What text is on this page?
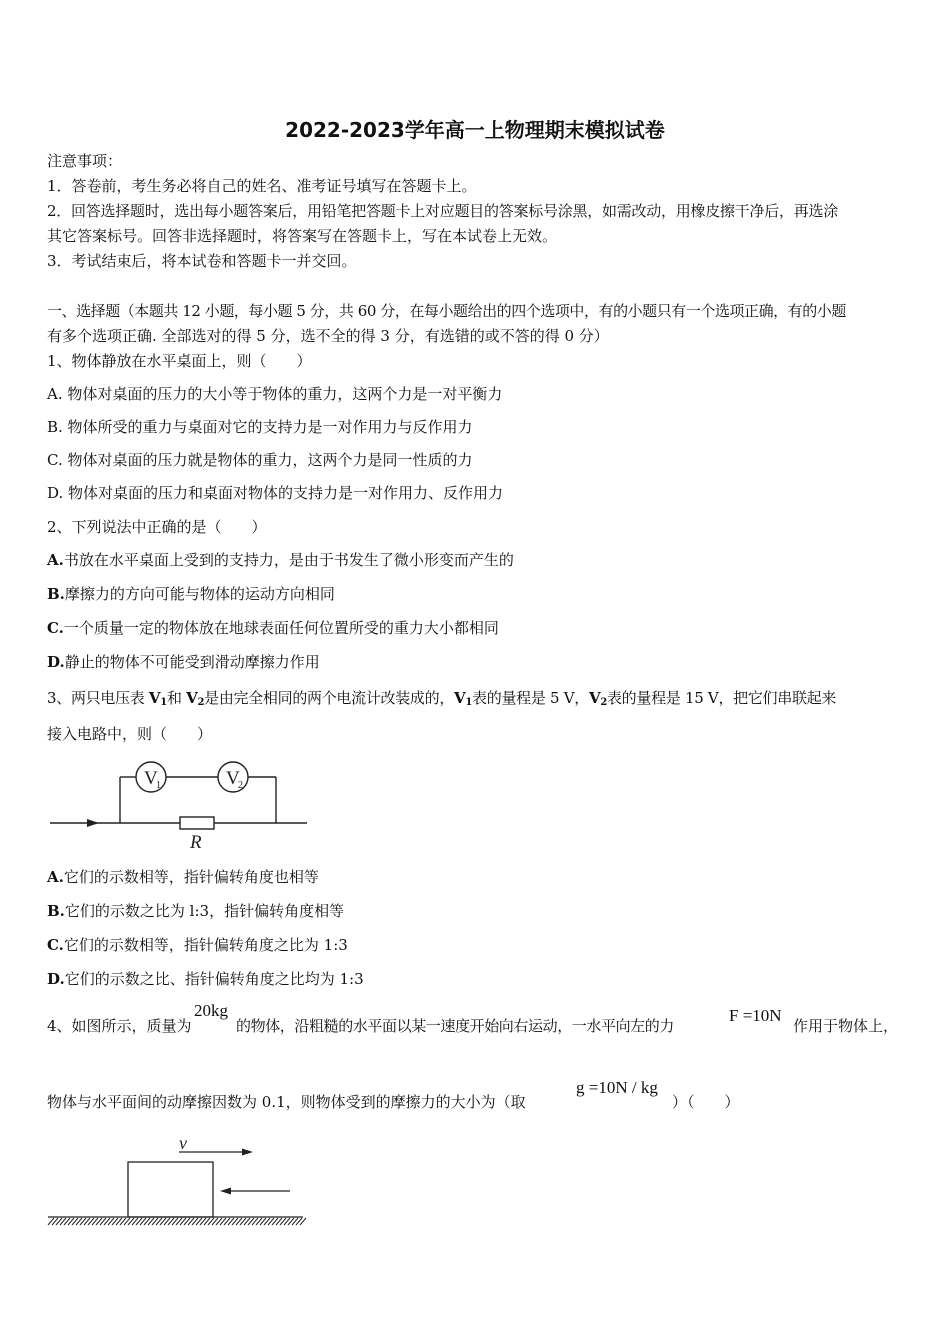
2022-2023学年高一上物理期末模拟试卷
注意事项：
1．答卷前，考生务必将自己的姓名、准考证号填写在答题卡上。
2．回答选择题时，选出每小题答案后，用铅笔把答题卡上对应题目的答案标号涂黑，如需改动，用橡皮擦干净后，再选涂
其它答案标号。回答非选择题时，将答案写在答题卡上，写在本试卷上无效。
3．考试结束后，将本试卷和答题卡一并交回。
一、选择题（本题共 12 小题，每小题 5 分，共 60 分，在每小题给出的四个选项中，有的小题只有一个选项正确，有的小题
有多个选项正确. 全部选对的得 5 分，选不全的得 3 分，有选错的或不答的得 0 分）
1、物体静放在水平桌面上，则（　　）
A. 物体对桌面的压力的大小等于物体的重力，这两个力是一对平衡力
B. 物体所受的重力与桌面对它的支持力是一对作用力与反作用力
C. 物体对桌面的压力就是物体的重力，这两个力是同一性质的力
D. 物体对桌面的压力和桌面对物体的支持力是一对作用力、反作用力
2、下列说法中正确的是（　　）
A.书放在水平桌面上受到的支持力，是由于书发生了微小形变而产生的
B.摩擦力的方向可能与物体的运动方向相同
C.一个质量一定的物体放在地球表面任何位置所受的重力大小都相同
D.静止的物体不可能受到滑动摩擦力作用
3、两只电压表 $V_1$和 $V_2$是由完全相同的两个电流计改装成的，$V_1$表的量程是 5 V，$V_2$表的量程是 15 V，把它们串联起来
接入电路中，则（　　）
V
1	V
2
R
A.它们的示数相等，指针偏转角度也相等
B.它们的示数之比为 l:3，指针偏转角度相等
C.它们的示数相等，指针偏转角度之比为 1:3
D.它们的示数之比、指针偏转角度之比均为 1:3
4、如图所示，质量为
20kg
的物体，沿粗糙的水平面以某一速度开始向右运动，一水平向左的力
F =10N
作用于物体上，
物体与水平面间的动摩擦因数为 0.1，则物体受到的摩擦力的大小为（取
g =10N / kg
）（　　）
v
